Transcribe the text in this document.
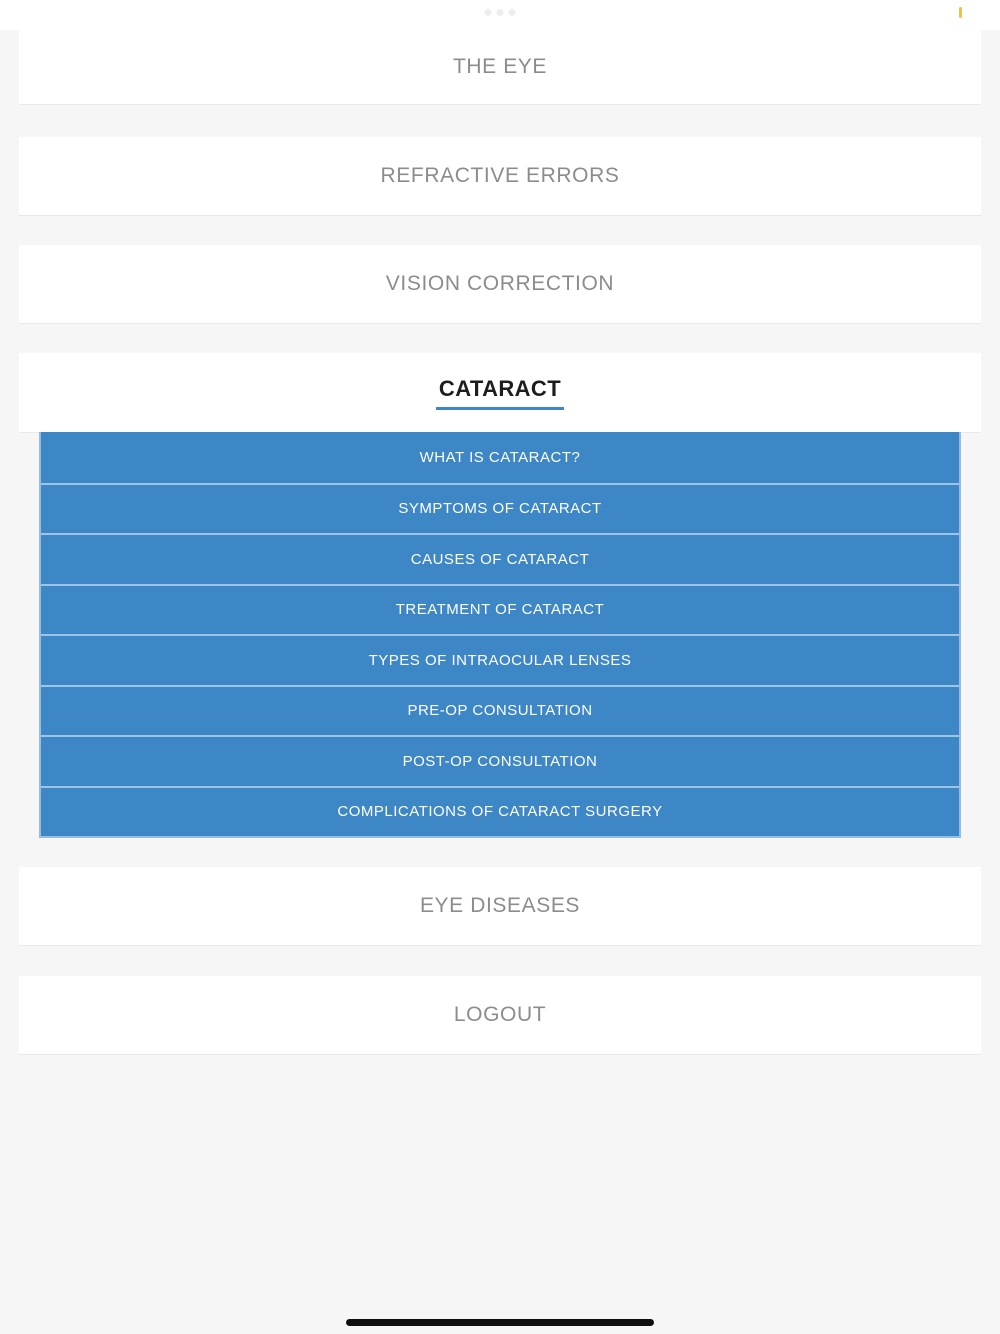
THE EYE
REFRACTIVE ERRORS
VISION CORRECTION
CATARACT
WHAT IS CATARACT?
SYMPTOMS OF CATARACT
CAUSES OF CATARACT
TREATMENT OF CATARACT
TYPES OF INTRAOCULAR LENSES
PRE-OP CONSULTATION
POST-OP CONSULTATION
COMPLICATIONS OF CATARACT SURGERY
EYE DISEASES
LOGOUT
